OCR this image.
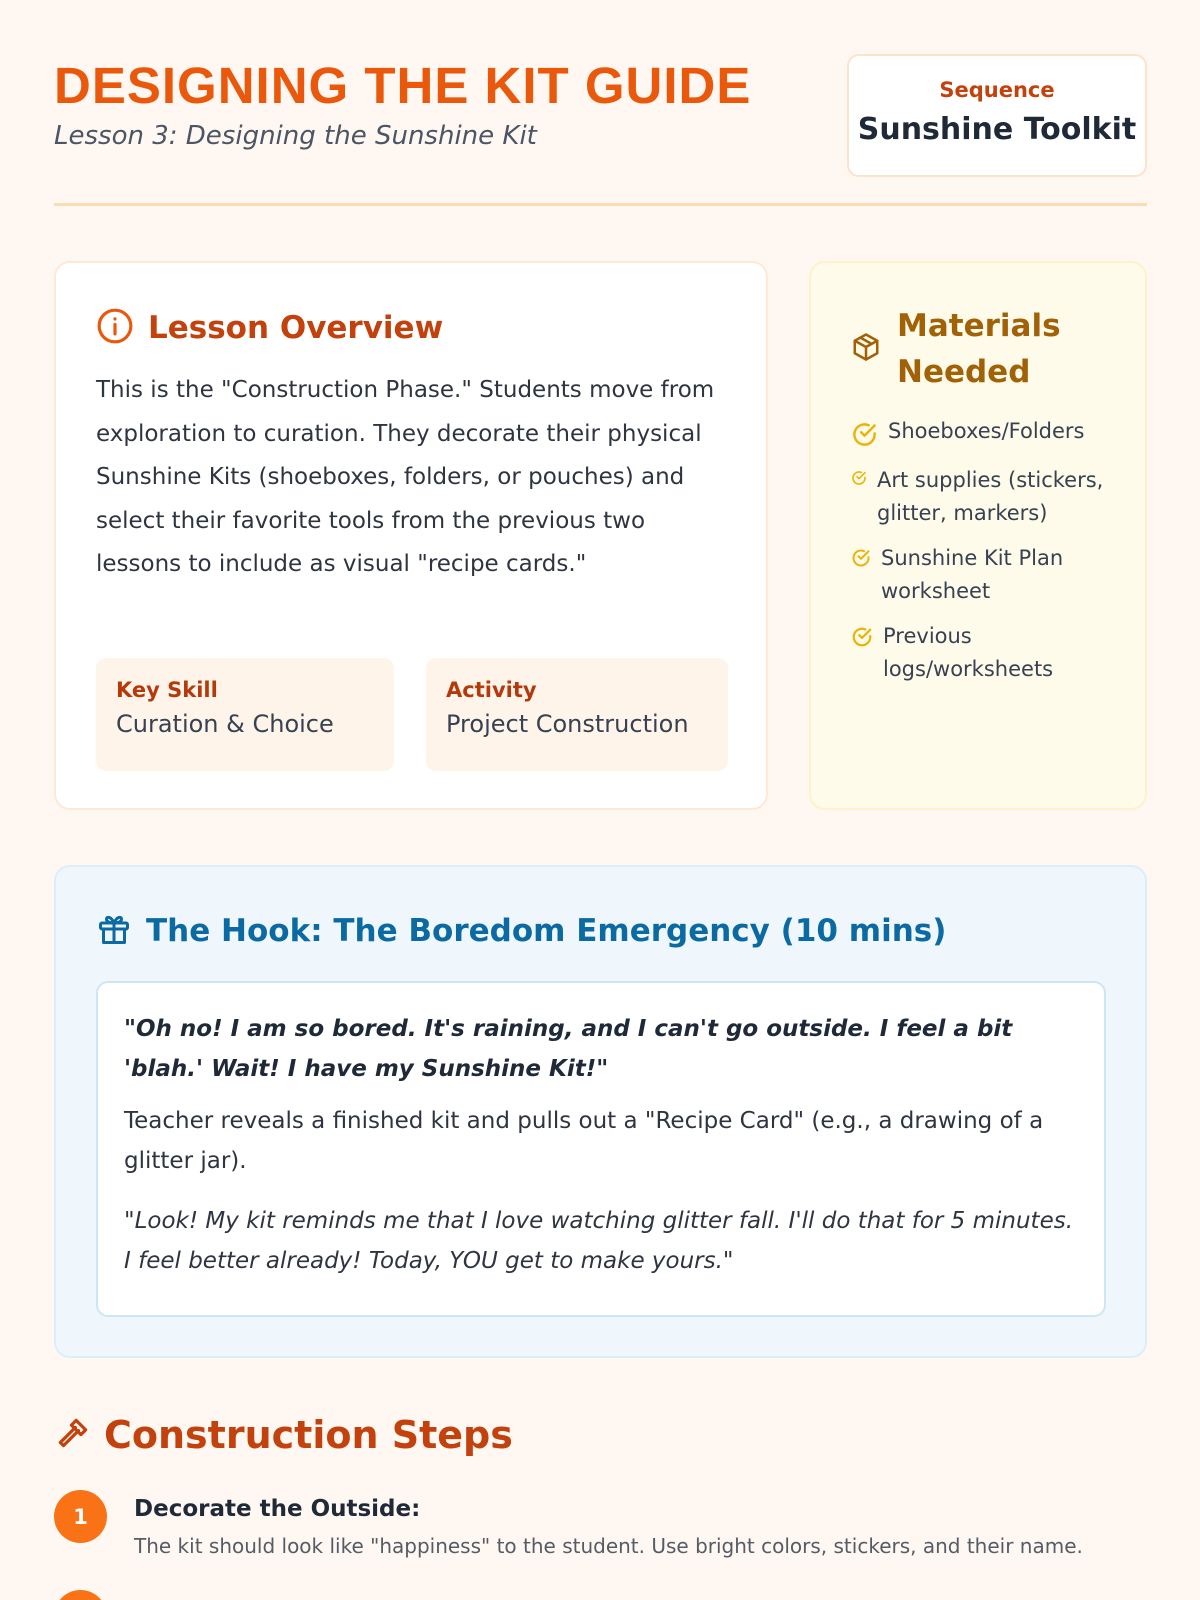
DESIGNING THE KIT GUIDE
Lesson 3: Designing the Sunshine Kit
Sequence
Sunshine Toolkit
Lesson Overview
This is the "Construction Phase." Students move from exploration to curation. They decorate their physical Sunshine Kits (shoeboxes, folders, or pouches) and select their favorite tools from the previous two lessons to include as visual "recipe cards."
Key Skill
Curation & Choice
Activity
Project Construction
Materials Needed
Shoeboxes/Folders
Art supplies (stickers, glitter, markers)
Sunshine Kit Plan worksheet
Previous logs/worksheets
The Hook: The Boredom Emergency (10 mins)
"Oh no! I am so bored. It's raining, and I can't go outside. I feel a bit 'blah.' Wait! I have my Sunshine Kit!"
Teacher reveals a finished kit and pulls out a "Recipe Card" (e.g., a drawing of a glitter jar).
"Look! My kit reminds me that I love watching glitter fall. I'll do that for 5 minutes. I feel better already! Today, YOU get to make yours."
Construction Steps
1	Decorate the Outside:
The kit should look like "happiness" to the student. Use bright colors, stickers, and their name.
